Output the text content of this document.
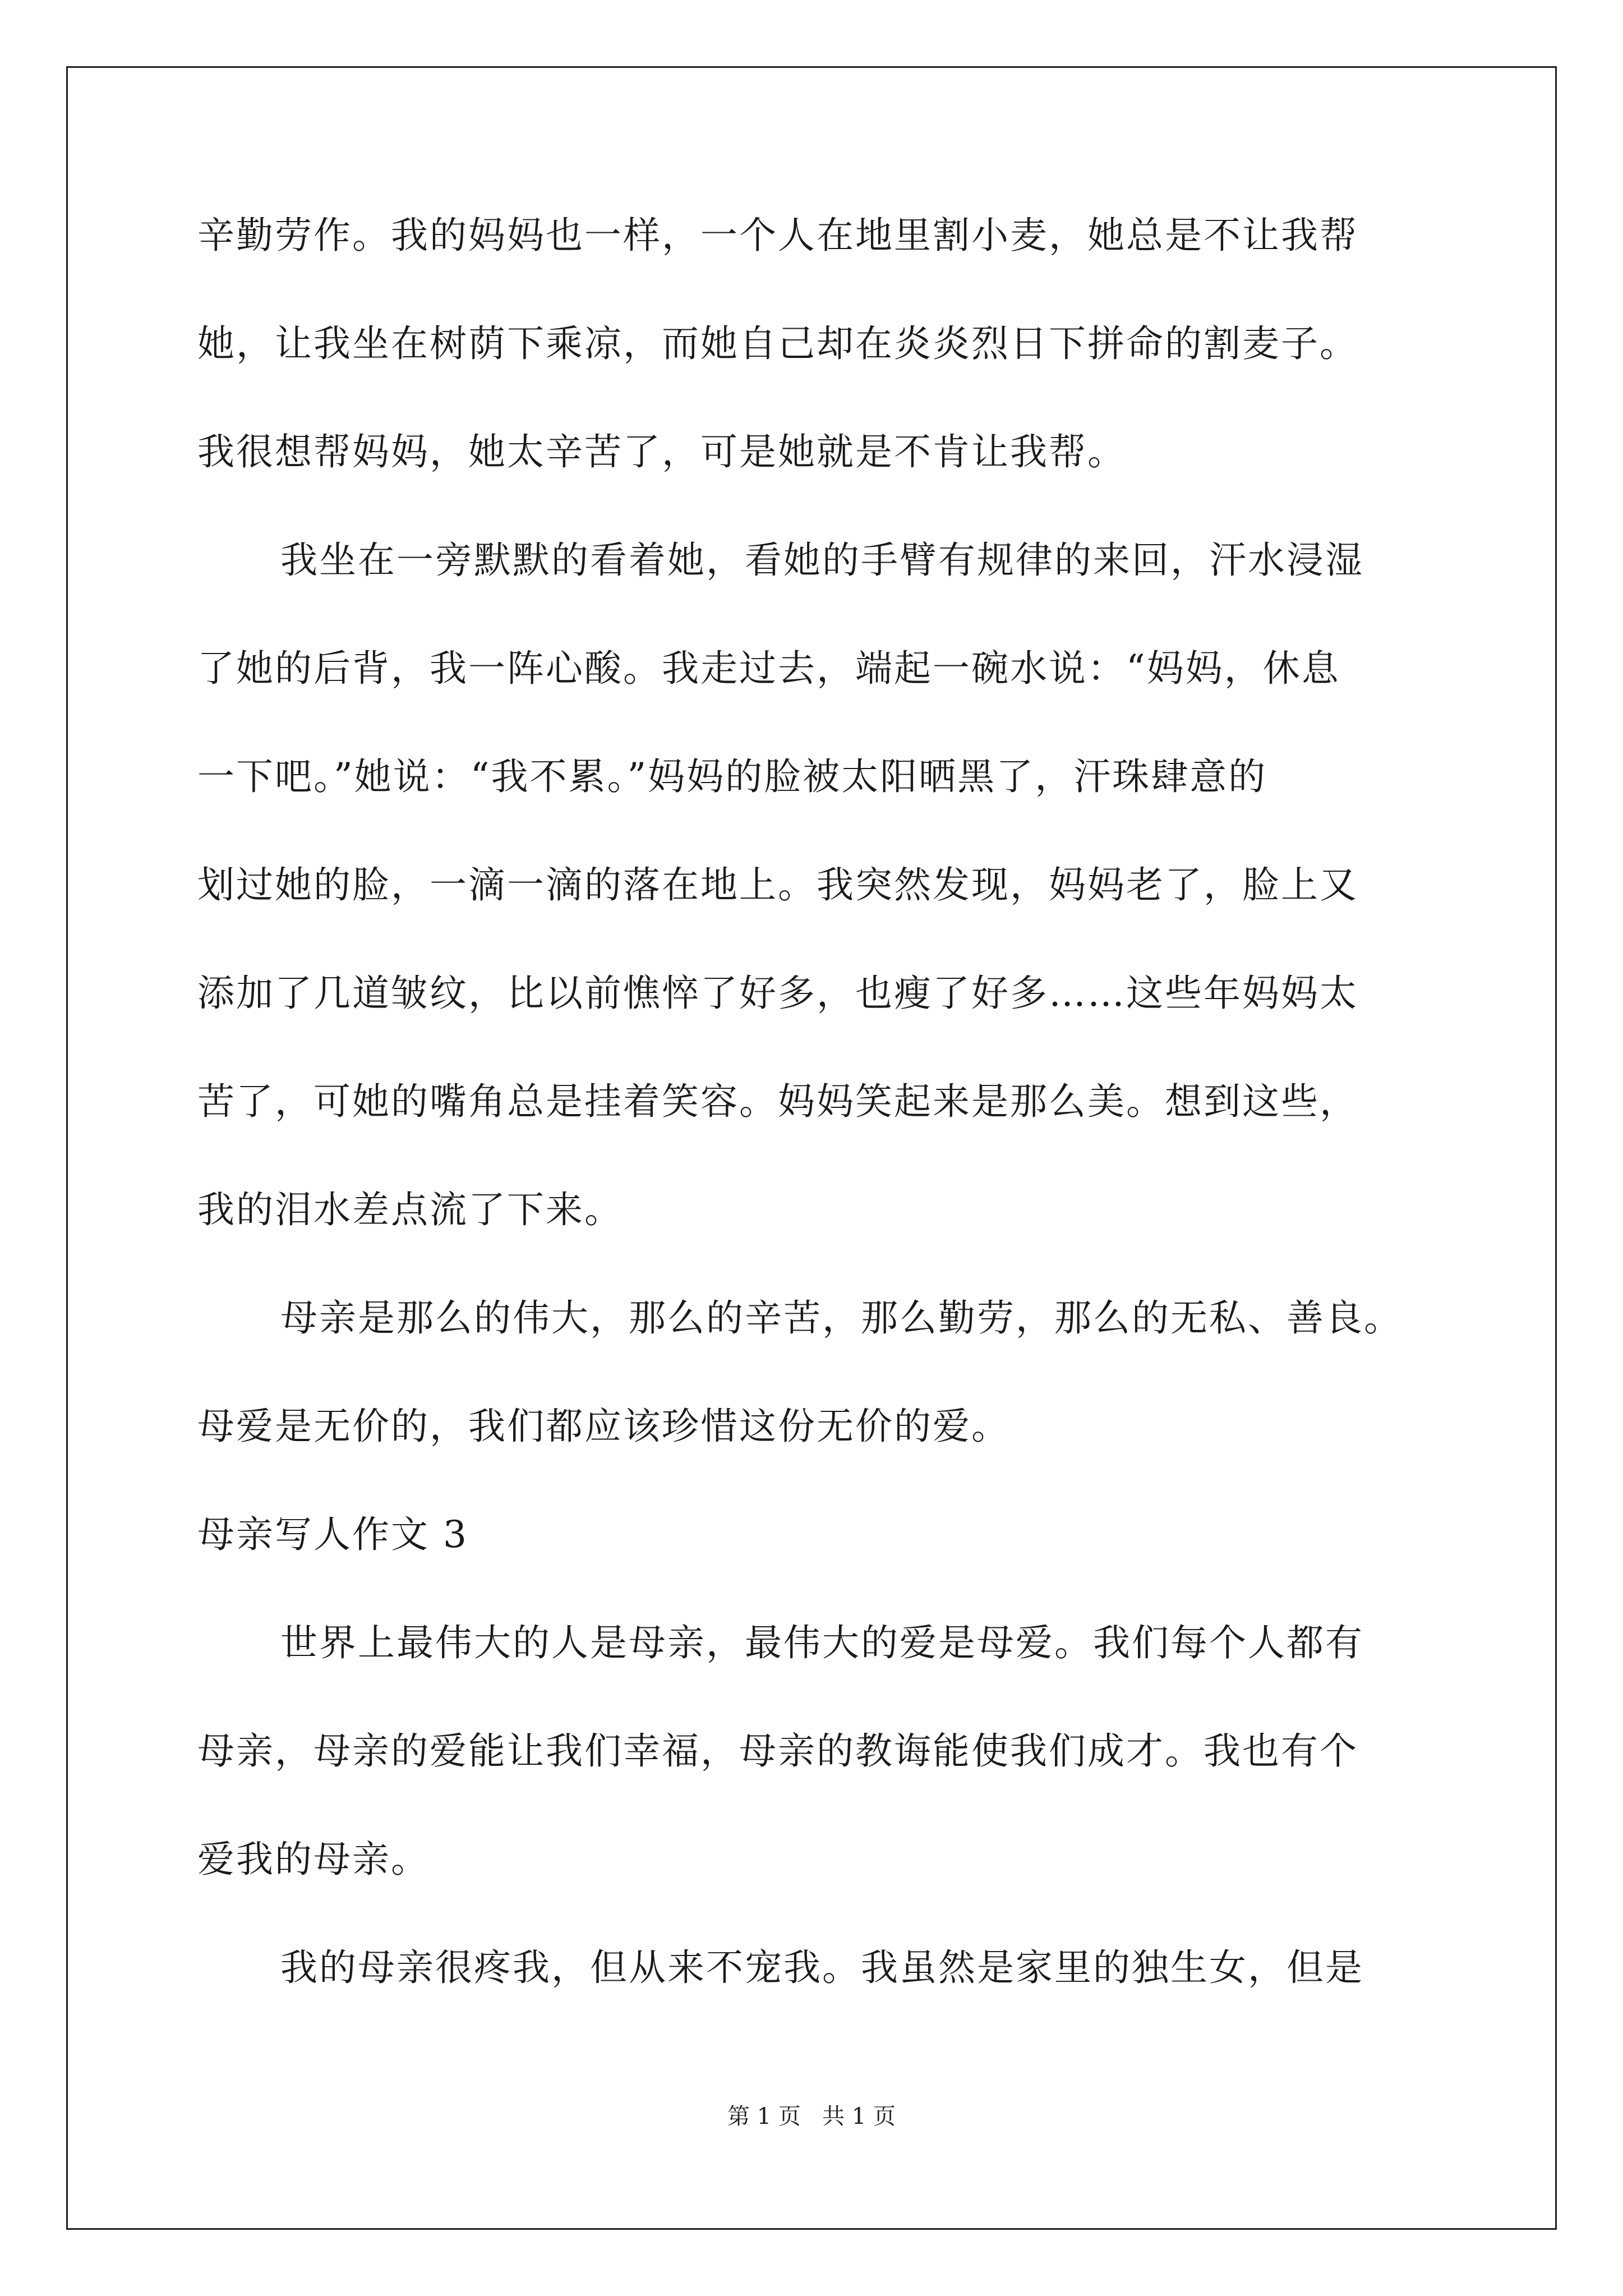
辛勤劳作。我的妈妈也一样，一个人在地里割小麦，她总是不让我帮
她，让我坐在树荫下乘凉，而她自己却在炎炎烈日下拼命的割麦子。
我很想帮妈妈，她太辛苦了，可是她就是不肯让我帮。
我坐在一旁默默的看着她，看她的手臂有规律的来回，汗水浸湿
了她的后背，我一阵心酸。我走过去，端起一碗水说：“妈妈，休息
一下吧。”她说：“我不累。”妈妈的脸被太阳晒黑了，汗珠肆意的
划过她的脸，一滴一滴的落在地上。我突然发现，妈妈老了，脸上又
添加了几道皱纹，比以前憔悴了好多，也瘦了好多……这些年妈妈太
苦了，可她的嘴角总是挂着笑容。妈妈笑起来是那么美。想到这些，
我的泪水差点流了下来。
母亲是那么的伟大，那么的辛苦，那么勤劳，那么的无私、善良。
母爱是无价的，我们都应该珍惜这份无价的爱。
母亲写人作文 3
世界上最伟大的人是母亲，最伟大的爱是母爱。我们每个人都有
母亲，母亲的爱能让我们幸福，母亲的教诲能使我们成才。我也有个
爱我的母亲。
我的母亲很疼我，但从来不宠我。我虽然是家里的独生女，但是
第 1 页   共 1 页
